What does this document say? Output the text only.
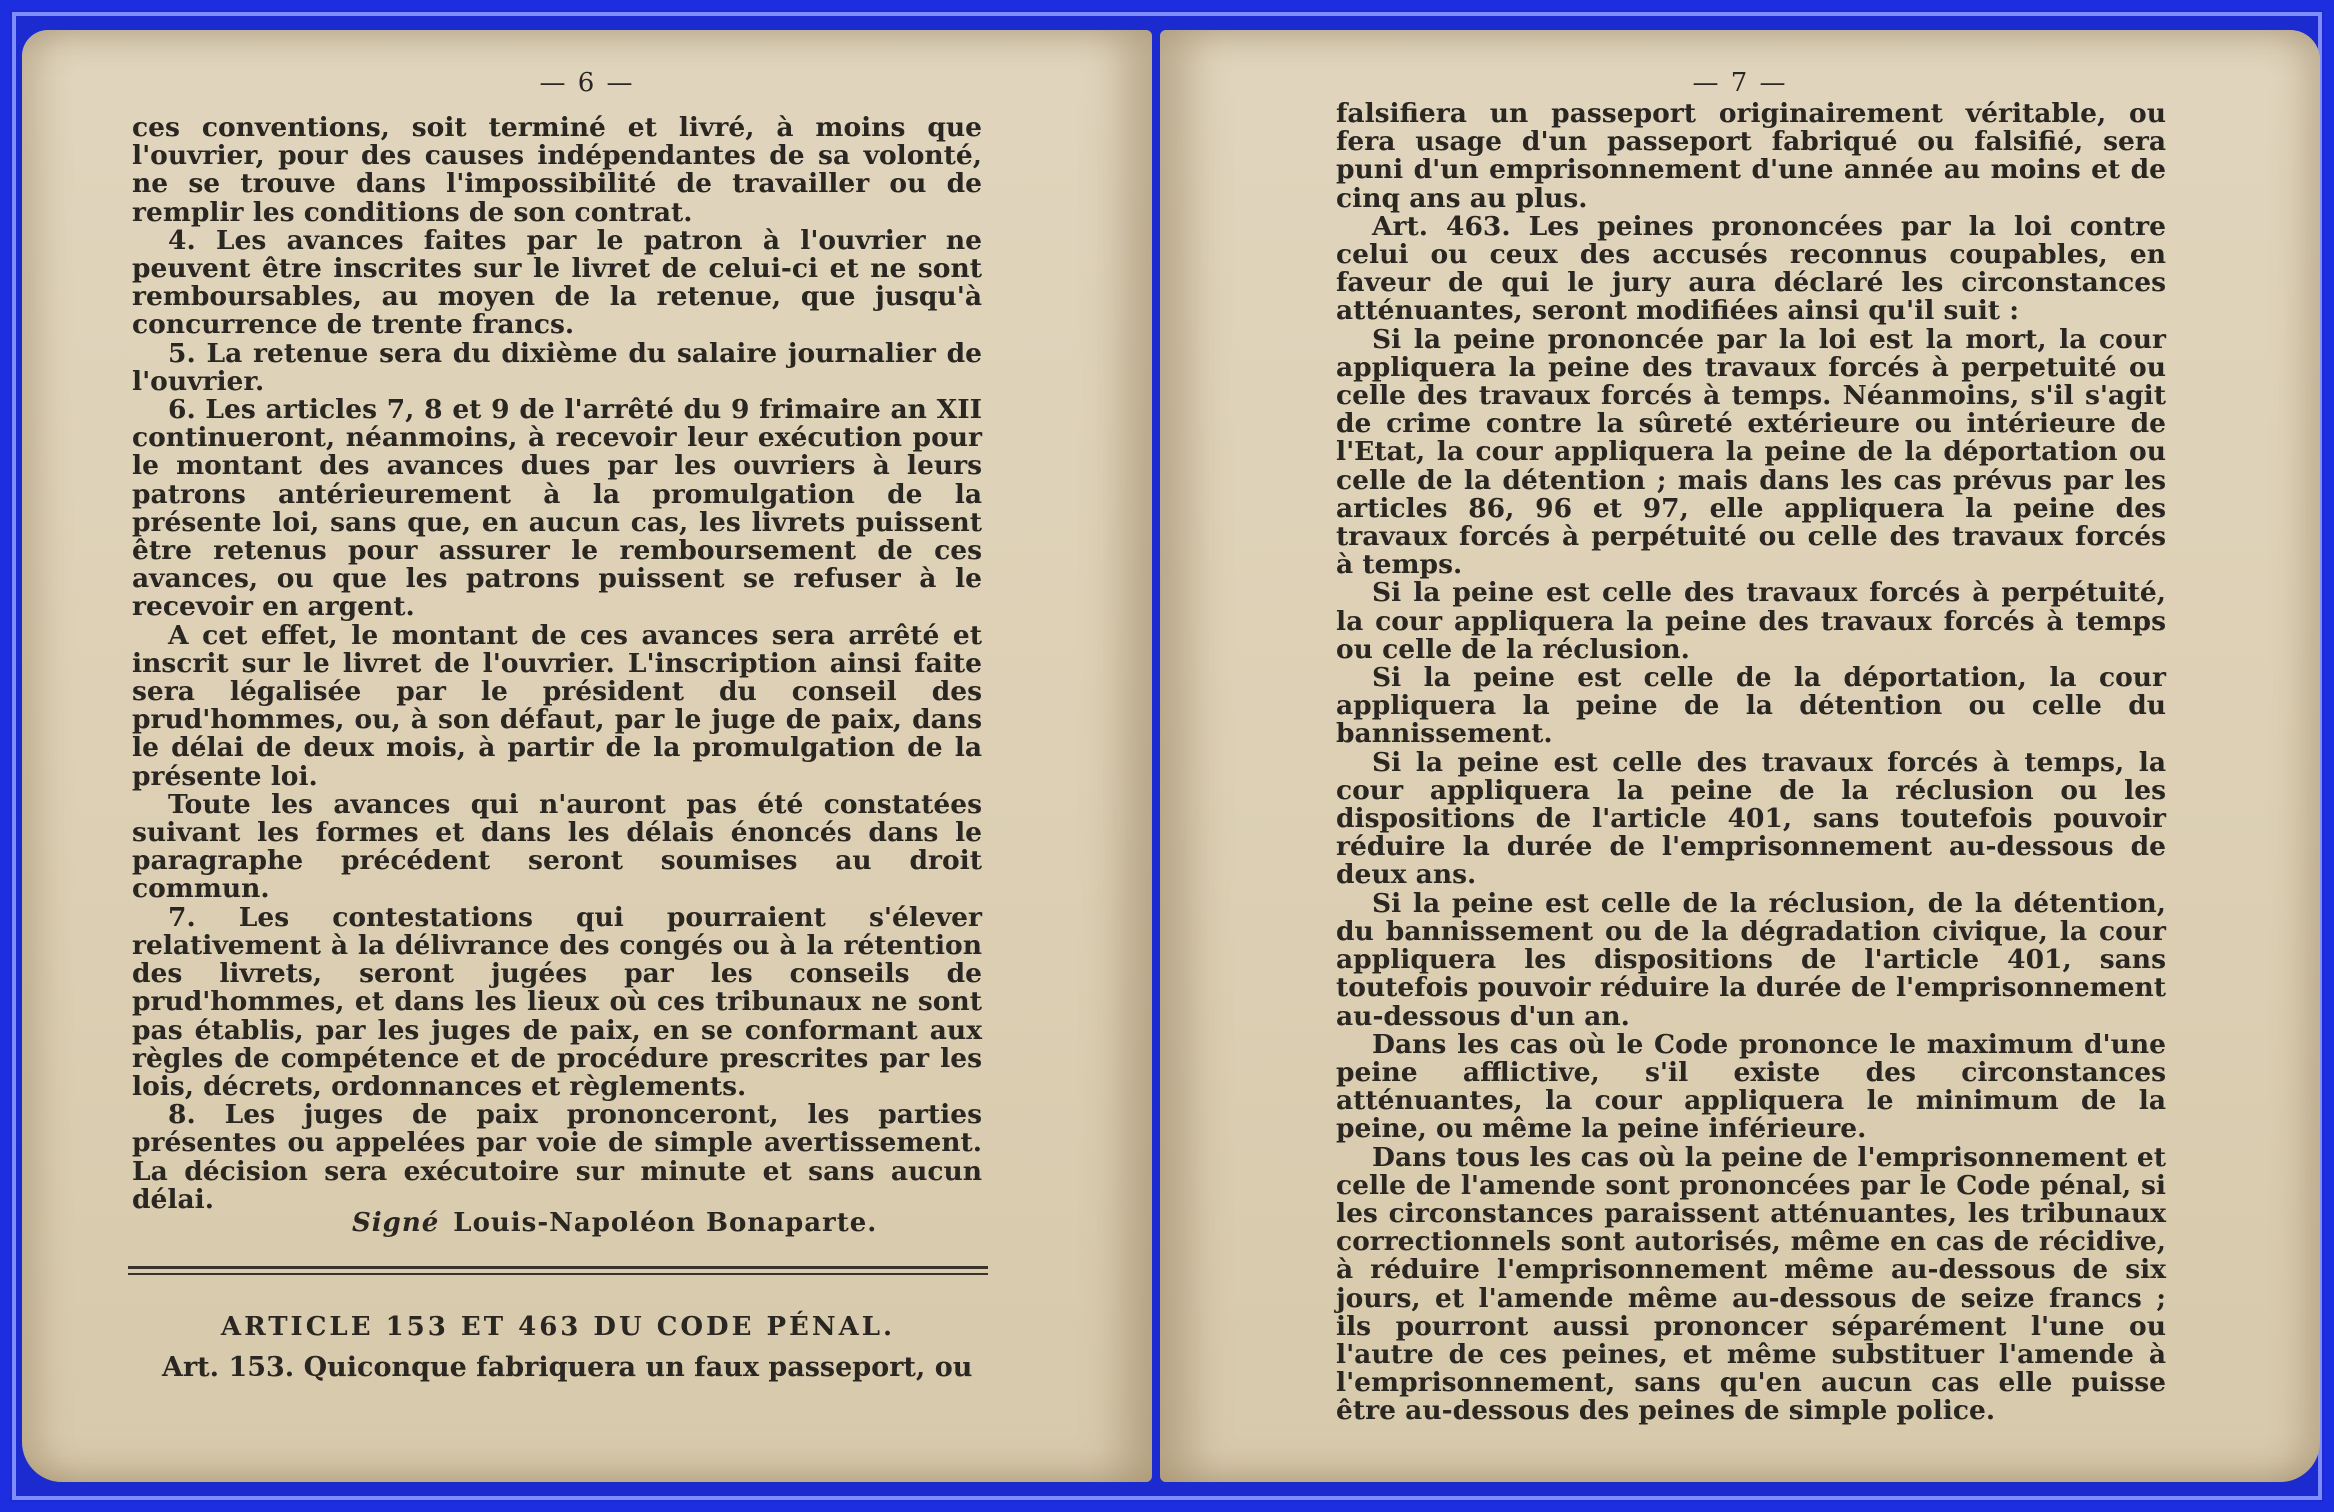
— 6 —

ces conventions, soit terminé et livré, à moins que l'ouvrier, pour des causes indépendantes de sa volonté, ne se trouve dans l'impossibilité de travailler ou de remplir les conditions de son contrat.

4. Les avances faites par le patron à l'ouvrier ne peuvent être inscrites sur le livret de celui-ci et ne sont remboursables, au moyen de la retenue, que jusqu'à concurrence de trente francs.

5. La retenue sera du dixième du salaire journalier de l'ouvrier.

6. Les articles 7, 8 et 9 de l'arrêté du 9 frimaire an XII continueront, néanmoins, à recevoir leur exécution pour le montant des avances dues par les ouvriers à leurs patrons antérieurement à la promulgation de la présente loi, sans que, en aucun cas, les livrets puissent être retenus pour assurer le remboursement de ces avances, ou que les patrons puissent se refuser à le recevoir en argent.

A cet effet, le montant de ces avances sera arrêté et inscrit sur le livret de l'ouvrier. L'inscription ainsi faite sera légalisée par le président du conseil des prud'hommes, ou, à son défaut, par le juge de paix, dans le délai de deux mois, à partir de la promulgation de la présente loi.

Toute les avances qui n'auront pas été constatées suivant les formes et dans les délais énoncés dans le paragraphe précédent seront soumises au droit commun.

7. Les contestations qui pourraient s'élever relativement à la délivrance des congés ou à la rétention des livrets, seront jugées par les conseils de prud'hommes, et dans les lieux où ces tribunaux ne sont pas établis, par les juges de paix, en se conformant aux règles de compétence et de procédure prescrites par les lois, décrets, ordonnances et règlements.

8. Les juges de paix prononceront, les parties présentes ou appelées par voie de simple avertissement. La décision sera exécutoire sur minute et sans aucun délai.

Signé Louis-Napoléon Bonaparte.
ARTICLE 153 ET 463 DU CODE PÉNAL.
Art. 153. Quiconque fabriquera un faux passeport, ou
— 7 —

falsifiera un passeport originairement véritable, ou fera usage d'un passeport fabriqué ou falsifié, sera puni d'un emprisonnement d'une année au moins et de cinq ans au plus.

Art. 463. Les peines prononcées par la loi contre celui ou ceux des accusés reconnus coupables, en faveur de qui le jury aura déclaré les circonstances atténuantes, seront modifiées ainsi qu'il suit :

Si la peine prononcée par la loi est la mort, la cour appliquera la peine des travaux forcés à perpetuité ou celle des travaux forcés à temps. Néanmoins, s'il s'agit de crime contre la sûreté extérieure ou intérieure de l'Etat, la cour appliquera la peine de la déportation ou celle de la détention ; mais dans les cas prévus par les articles 86, 96 et 97, elle appliquera la peine des travaux forcés à perpétuité ou celle des travaux forcés à temps.

Si la peine est celle des travaux forcés à perpétuité, la cour appliquera la peine des travaux forcés à temps ou celle de la réclusion.

Si la peine est celle de la déportation, la cour appliquera la peine de la détention ou celle du bannissement.

Si la peine est celle des travaux forcés à temps, la cour appliquera la peine de la réclusion ou les dispositions de l'article 401, sans toutefois pouvoir réduire la durée de l'emprisonnement au-dessous de deux ans.

Si la peine est celle de la réclusion, de la détention, du bannissement ou de la dégradation civique, la cour appliquera les dispositions de l'article 401, sans toutefois pouvoir réduire la durée de l'emprisonnement au-dessous d'un an.

Dans les cas où le Code prononce le maximum d'une peine afflictive, s'il existe des circonstances atténuantes, la cour appliquera le minimum de la peine, ou même la peine inférieure.

Dans tous les cas où la peine de l'emprisonnement et celle de l'amende sont prononcées par le Code pénal, si les circonstances paraissent atténuantes, les tribunaux correctionnels sont autorisés, même en cas de récidive, à réduire l'emprisonnement même au-dessous de six jours, et l'amende même au-dessous de seize francs ; ils pourront aussi prononcer séparément l'une ou l'autre de ces peines, et même substituer l'amende à l'emprisonnement, sans qu'en aucun cas elle puisse être au-dessous des peines de simple police.
